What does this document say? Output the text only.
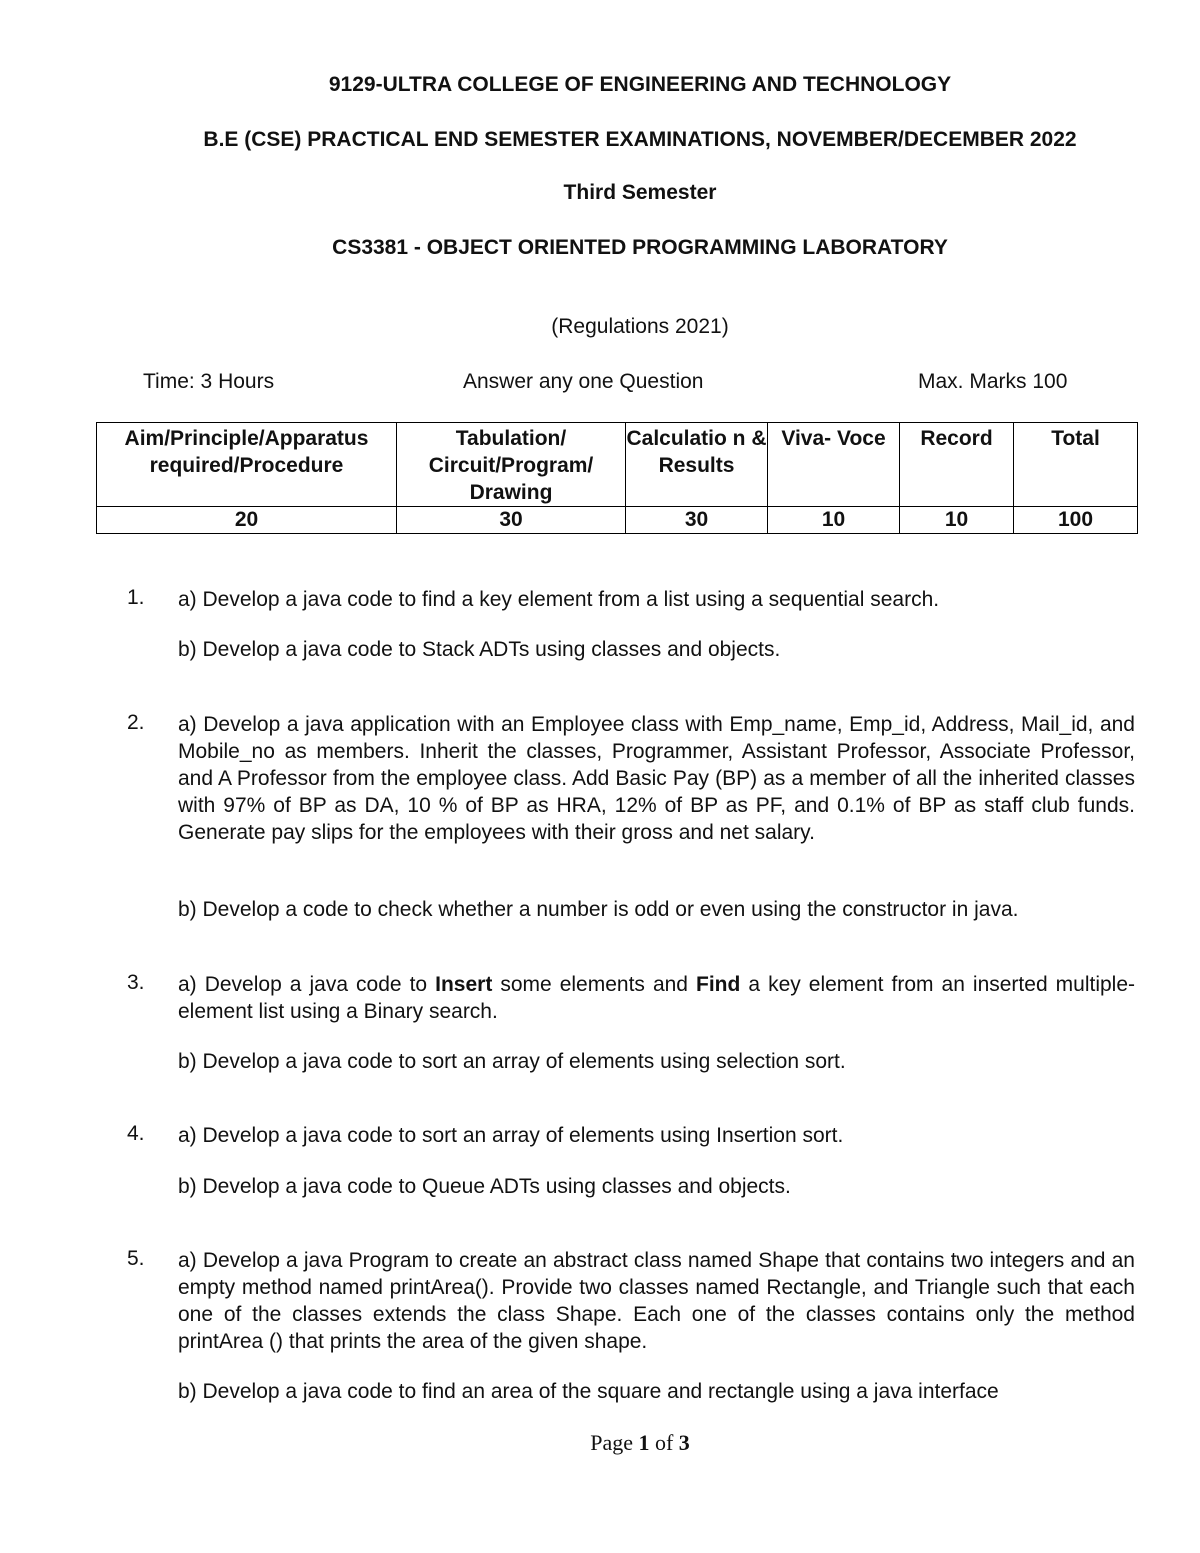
9129-ULTRA COLLEGE OF ENGINEERING AND TECHNOLOGY
B.E (CSE) PRACTICAL END SEMESTER EXAMINATIONS, NOVEMBER/DECEMBER 2022
Third Semester
CS3381 - OBJECT ORIENTED PROGRAMMING LABORATORY
(Regulations 2021)
Time: 3 Hours	Answer any one Question	Max. Marks 100
Aim/Principle/Apparatus required/Procedure	Tabulation/ Circuit/Program/ Drawing	Calculatio n & Results	Viva- Voce	Record	Total
20	30	30	10	10	100
1. a) Develop a java code to find a key element from a list using a sequential search.
b) Develop a java code to Stack ADTs using classes and objects.
2. a) Develop a java application with an Employee class with Emp_name, Emp_id, Address, Mail_id, and Mobile_no as members. Inherit the classes, Programmer, Assistant Professor, Associate Professor, and A Professor from the employee class. Add Basic Pay (BP) as a member of all the inherited classes with 97% of BP as DA, 10 % of BP as HRA, 12% of BP as PF, and 0.1% of BP as staff club funds. Generate pay slips for the employees with their gross and net salary.
b) Develop a code to check whether a number is odd or even using the constructor in java.
3. a) Develop a java code to Insert some elements and Find a key element from an inserted multiple-element list using a Binary search.
b) Develop a java code to sort an array of elements using selection sort.
4. a) Develop a java code to sort an array of elements using Insertion sort.
b) Develop a java code to Queue ADTs using classes and objects.
5. a) Develop a java Program to create an abstract class named Shape that contains two integers and an empty method named printArea(). Provide two classes named Rectangle, and Triangle such that each one of the classes extends the class Shape. Each one of the classes contains only the method printArea () that prints the area of the given shape.
b) Develop a java code to find an area of the square and rectangle using a java interface
Page 1 of 3
